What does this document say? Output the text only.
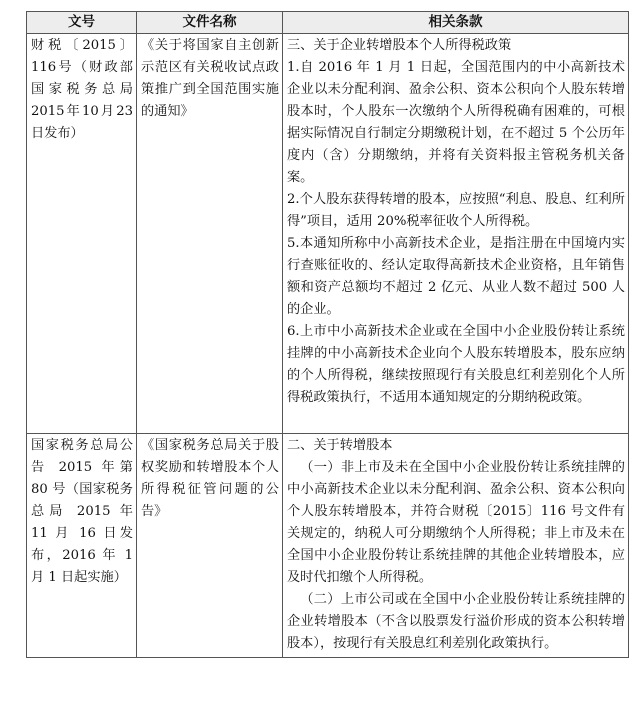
文号	文件名称	相关条款
财税〔2015〕116号（财政部 国家税务总局2015年10月23日发布）	《关于将国家自主创新示范区有关税收试点政策推广到全国范围实施的通知》	三、关于企业转增股本个人所得税政策

1.自 2016 年 1 月 1 日起，全国范围内的中小高新技术企业以未分配利润、盈余公积、资本公积向个人股东转增股本时，个人股东一次缴纳个人所得税确有困难的，可根据实际情况自行制定分期缴税计划，在不超过 5 个公历年度内（含）分期缴纳，并将有关资料报主管税务机关备案。

2.个人股东获得转增的股本，应按照“利息、股息、红利所得”项目，适用 20%税率征收个人所得税。

5.本通知所称中小高新技术企业，是指注册在中国境内实行查账征收的、经认定取得高新技术企业资格，且年销售额和资产总额均不超过 2 亿元、从业人数不超过 500 人的企业。

6.上市中小高新技术企业或在全国中小企业股份转让系统挂牌的中小高新技术企业向个人股东转增股本，股东应纳的个人所得税，继续按照现行有关股息红利差别化个人所得税政策执行，不适用本通知规定的分期纳税政策。

国家税务总局公告 2015 年第 80 号（国家税务总局 2015 年 11 月 16 日发布，2016 年 1 月 1 日起实施）	《国家税务总局关于股权奖励和转增股本个人所得税征管问题的公告》	二、关于转增股本

（一）非上市及未在全国中小企业股份转让系统挂牌的中小高新技术企业以未分配利润、盈余公积、资本公积向个人股东转增股本，并符合财税〔2015〕116 号文件有关规定的，纳税人可分期缴纳个人所得税；非上市及未在全国中小企业股份转让系统挂牌的其他企业转增股本，应及时代扣缴个人所得税。

（二）上市公司或在全国中小企业股份转让系统挂牌的企业转增股本（不含以股票发行溢价形成的资本公积转增股本），按现行有关股息红利差别化政策执行。
